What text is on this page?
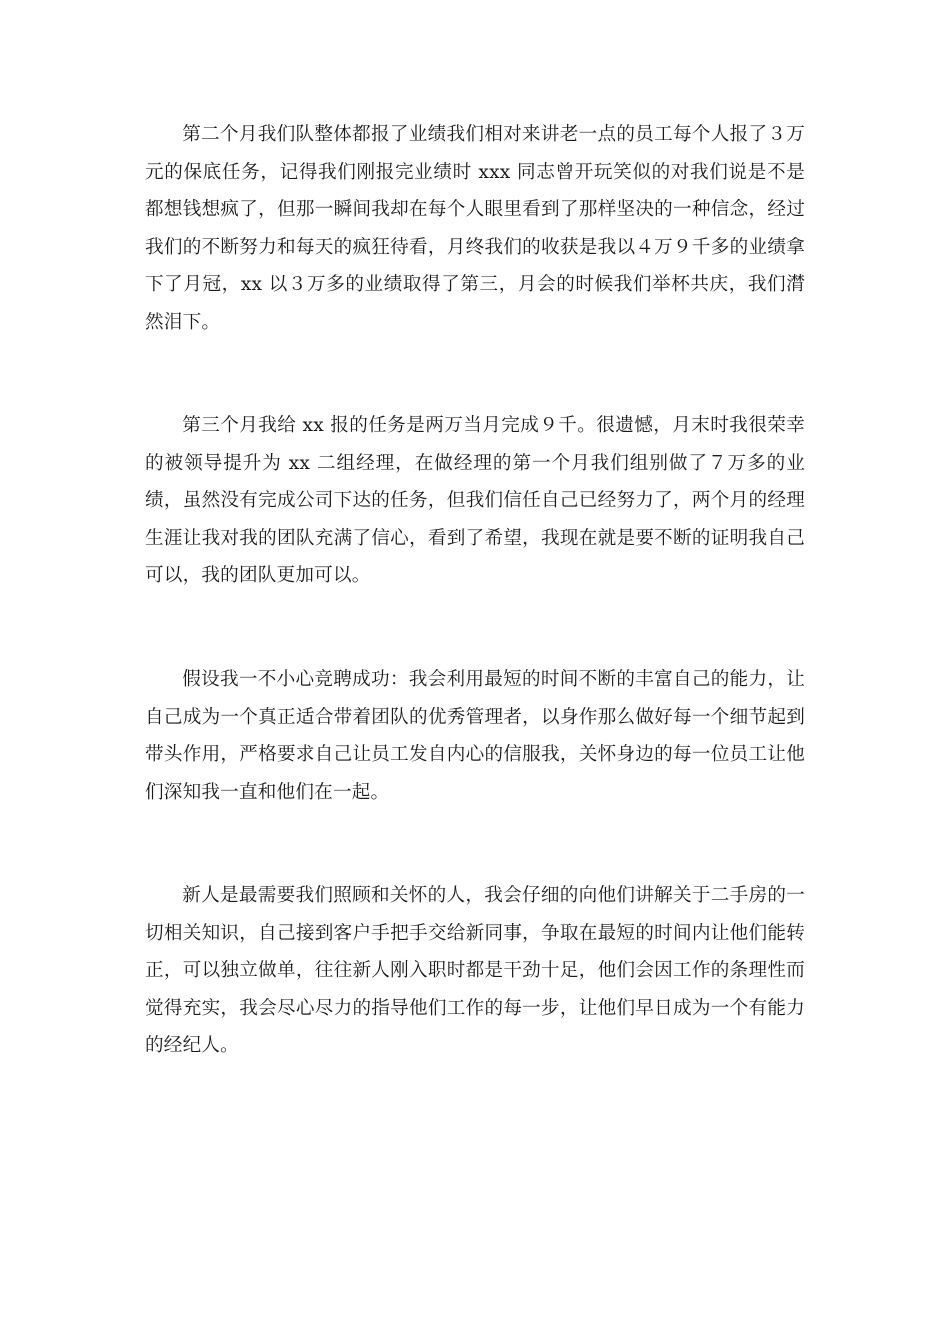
第二个月我们队整体都报了业绩我们相对来讲老一点的员工每个人报了３万元的保底任务，记得我们刚报完业绩时 xxx 同志曾开玩笑似的对我们说是不是都想钱想疯了，但那一瞬间我却在每个人眼里看到了那样坚决的一种信念，经过我们的不断努力和每天的疯狂待看，月终我们的收获是我以４万９千多的业绩拿下了月冠，xx 以３万多的业绩取得了第三，月会的时候我们举杯共庆，我们潸然泪下。

第三个月我给 xx 报的任务是两万当月完成９千。很遗憾，月末时我很荣幸的被领导提升为 xx 二组经理，在做经理的第一个月我们组别做了７万多的业绩，虽然没有完成公司下达的任务，但我们信任自己已经努力了，两个月的经理生涯让我对我的团队充满了信心，看到了希望，我现在就是要不断的证明我自己可以，我的团队更加可以。

假设我一不小心竞聘成功：我会利用最短的时间不断的丰富自己的能力，让自己成为一个真正适合带着团队的优秀管理者，以身作那么做好每一个细节起到带头作用，严格要求自己让员工发自内心的信服我，关怀身边的每一位员工让他们深知我一直和他们在一起。

新人是最需要我们照顾和关怀的人，我会仔细的向他们讲解关于二手房的一切相关知识，自己接到客户手把手交给新同事，争取在最短的时间内让他们能转正，可以独立做单，往往新人刚入职时都是干劲十足，他们会因工作的条理性而觉得充实，我会尽心尽力的指导他们工作的每一步，让他们早日成为一个有能力的经纪人。
